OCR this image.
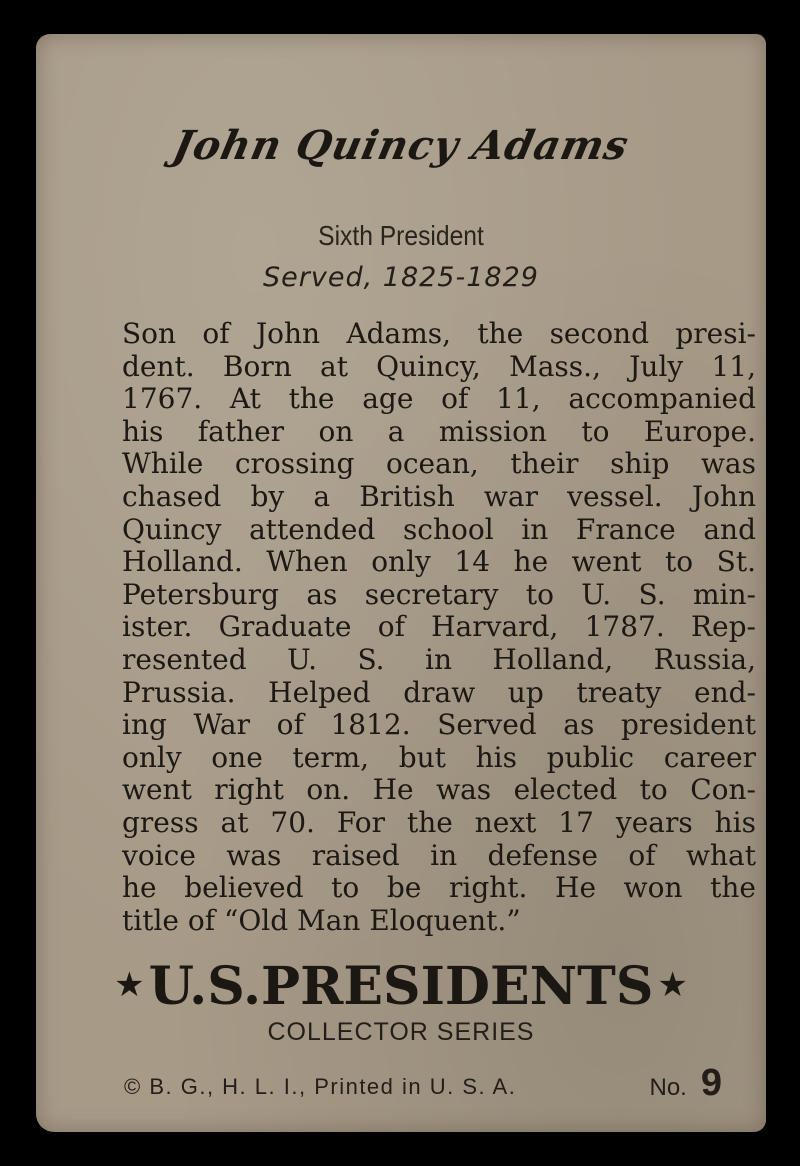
John Quincy Adams
Sixth President
Served, 1825-1829
Son of John Adams, the second presi-
dent. Born at Quincy, Mass., July 11,
1767. At the age of 11, accompanied
his father on a mission to Europe.
While crossing ocean, their ship was
chased by a British war vessel. John
Quincy attended school in France and
Holland. When only 14 he went to St.
Petersburg as secretary to U. S. min-
ister. Graduate of Harvard, 1787. Rep-
resented U. S. in Holland, Russia,
Prussia. Helped draw up treaty end-
ing War of 1812. Served as president
only one term, but his public career
went right on. He was elected to Con-
gress at 70. For the next 17 years his
voice was raised in defense of what
he believed to be right. He won the
title of “Old Man Eloquent.”
★U.S.PRESIDENTS ★
COLLECTOR SERIES
© B. G., H. L. I., Printed in U. S. A.	No. 9
